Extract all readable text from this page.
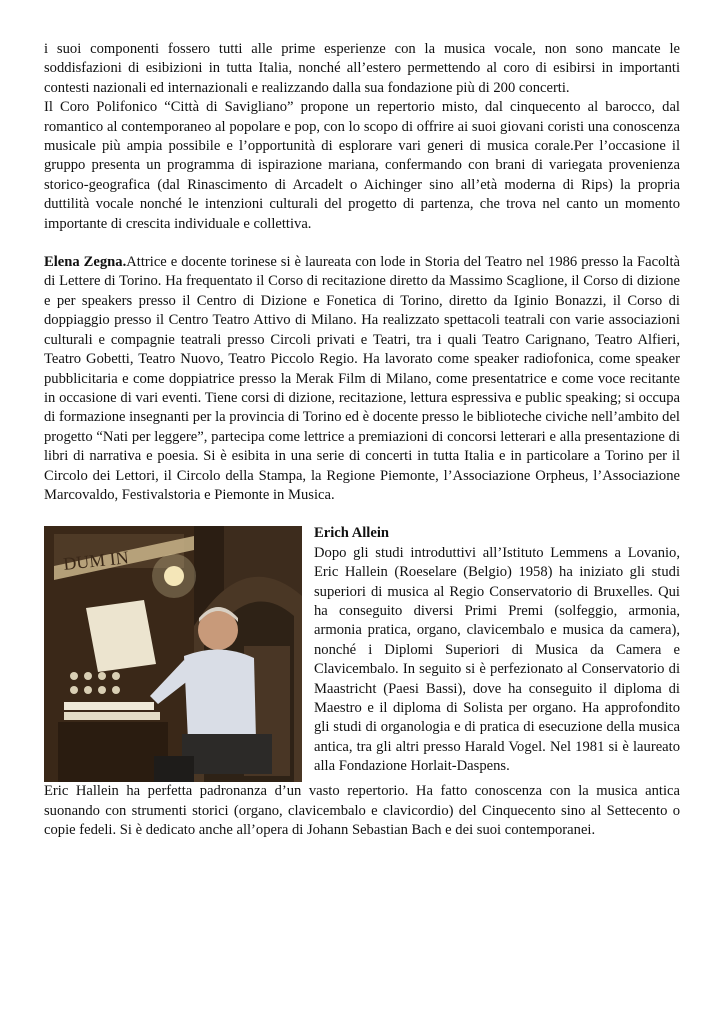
i suoi componenti fossero tutti alle prime esperienze con la musica vocale, non sono mancate le soddisfazioni di esibizioni in tutta Italia, nonché all’estero permettendo al coro di esibirsi in importanti contesti nazionali ed internazionali e realizzando dalla sua fondazione più di 200 concerti.

Il Coro Polifonico “Città di Savigliano” propone un repertorio misto, dal cinquecento al barocco, dal romantico al contemporaneo al popolare e pop, con lo scopo di offrire ai suoi giovani coristi una conoscenza musicale più ampia possibile e l’opportunità di esplorare vari generi di musica corale.Per l’occasione il gruppo presenta un programma di ispirazione mariana, confermando con brani di variegata provenienza storico-geografica (dal Rinascimento di Arcadelt o Aichinger sino all’età moderna di Rips) la propria duttilità vocale nonché le intenzioni culturali del progetto di partenza, che trova nel canto un momento importante di crescita individuale e collettiva.

Elena Zegna.Attrice e docente torinese si è laureata con lode in Storia del Teatro nel 1986 presso la Facoltà di Lettere di Torino. Ha frequentato il Corso di recitazione diretto da Massimo Scaglione, il Corso di dizione e per speakers presso il Centro di Dizione e Fonetica di Torino, diretto da Iginio Bonazzi, il Corso di doppiaggio presso il Centro Teatro Attivo di Milano. Ha realizzato spettacoli teatrali con varie associazioni culturali e compagnie teatrali presso Circoli privati e Teatri, tra i quali Teatro Carignano, Teatro Alfieri, Teatro Gobetti, Teatro Nuovo, Teatro Piccolo Regio. Ha lavorato come speaker radiofonica, come speaker pubblicitaria e come doppiatrice presso la Merak Film di Milano, come presentatrice e come voce recitante in occasione di vari eventi. Tiene corsi di dizione, recitazione, lettura espressiva e public speaking; si occupa di formazione insegnanti per la provincia di Torino ed è docente presso le biblioteche civiche nell’ambito del progetto “Nati per leggere”, partecipa come lettrice a premiazioni di concorsi letterari e alla presentazione di libri di narrativa e poesia. Si è esibita in una serie di concerti in tutta Italia e in particolare a Torino per il Circolo dei Lettori, il Circolo della Stampa, la Regione Piemonte, l’Associazione Orpheus, l’Associazione Marcovaldo, Festivalstoria e Piemonte in Musica.

DUM IN

Erich Allein
Dopo gli studi introduttivi all’Istituto Lemmens a Lovanio, Eric Hallein (Roeselare (Belgio) 1958) ha iniziato gli studi superiori di musica al Regio Conservatorio di Bruxelles. Qui ha conseguito diversi Primi Premi (solfeggio, armonia, armonia pratica, organo, clavicembalo e musica da camera), nonché i Diplomi Superiori di Musica da Camera e Clavicembalo. In seguito si è perfezionato al Conservatorio di Maastricht (Paesi Bassi), dove ha conseguito il diploma di Maestro e il diploma di Solista per organo. Ha approfondito gli studi di organologia e di pratica di esecuzione della musica antica, tra gli altri presso Harald Vogel. Nel 1981 si è laureato alla Fondazione Horlait-Daspens.

Eric Hallein ha perfetta padronanza d’un vasto repertorio. Ha fatto conoscenza con la musica antica suonando con strumenti storici (organo, clavicembalo e clavicordio) del Cinquecento sino al Settecento o copie fedeli. Si è dedicato anche all’opera di Johann Sebastian Bach e dei suoi contemporanei.
